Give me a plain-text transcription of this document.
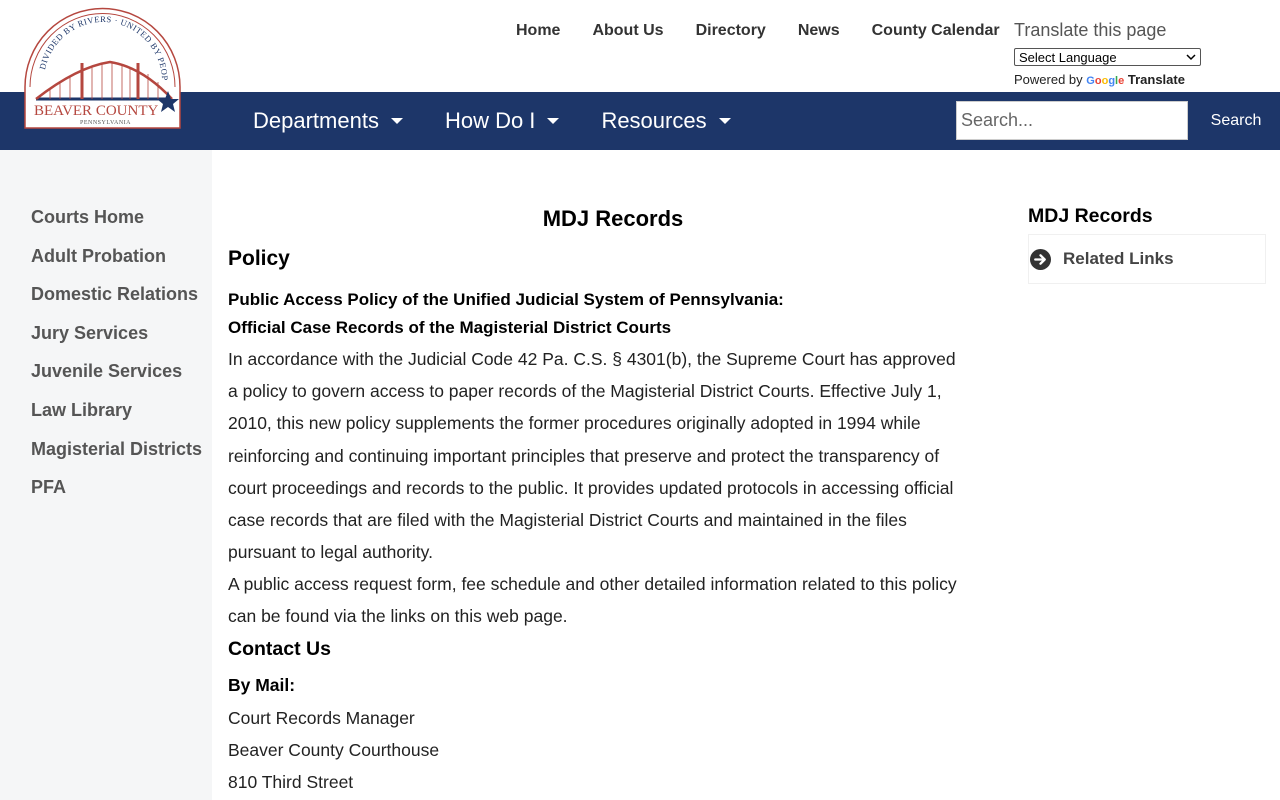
DIVIDED BY RIVERS · UNITED BY PEOP
BEAVER COUNTY
PENNSYLVANIA
Home	About Us	Directory	News	County Calendar Translate this page
Select Language
Powered by Google Translate
Departments	How Do I	Resources
Search...	Search
Courts Home
Adult Probation
Domestic Relations
Jury Services
Juvenile Services
Law Library
Magisterial Districts
PFA
MDJ Records
Policy
Public Access Policy of the Unified Judicial System of Pennsylvania:
Official Case Records of the Magisterial District Courts
In accordance with the Judicial Code 42 Pa. C.S. § 4301(b), the Supreme Court has approved
a policy to govern access to paper records of the Magisterial District Courts. Effective July 1,
2010, this new policy supplements the former procedures originally adopted in 1994 while
reinforcing and continuing important principles that preserve and protect the transparency of
court proceedings and records to the public. It provides updated protocols in accessing official
case records that are filed with the Magisterial District Courts and maintained in the files
pursuant to legal authority.
A public access request form, fee schedule and other detailed information related to this policy
can be found via the links on this web page.
Contact Us
By Mail:
Court Records Manager
Beaver County Courthouse
810 Third Street
MDJ Records
Related Links
